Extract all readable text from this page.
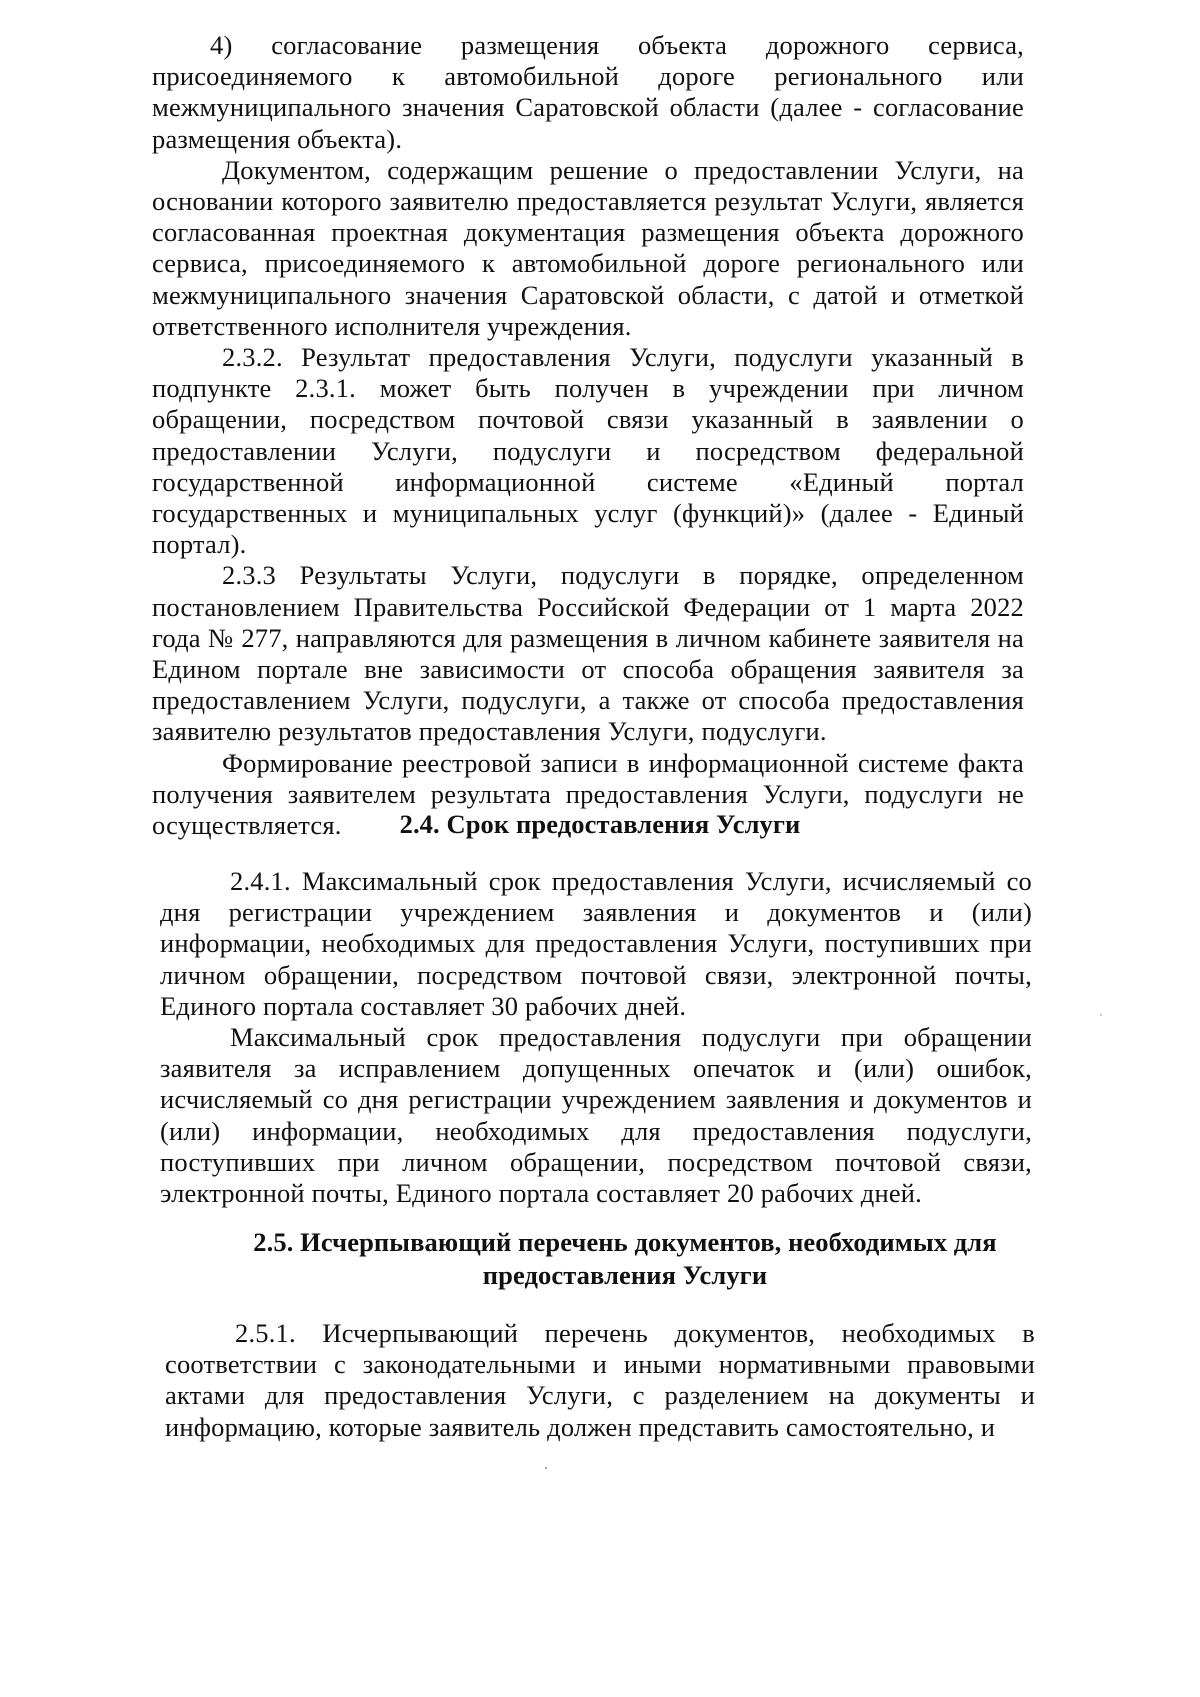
4) согласование размещения объекта дорожного сервиса, присоединяемого к автомобильной дороге регионального или межмуниципального значения Саратовской области (далее - согласование размещения объекта).

Документом, содержащим решение о предоставлении Услуги, на основании которого заявителю предоставляется результат Услуги, является согласованная проектная документация размещения объекта дорожного сервиса, присоединяемого к автомобильной дороге регионального или межмуниципального значения Саратовской области, с датой и отметкой ответственного исполнителя учреждения.

2.3.2. Результат предоставления Услуги, подуслуги указанный в подпункте 2.3.1. может быть получен в учреждении при личном обращении, посредством почтовой связи указанный в заявлении о предоставлении Услуги, подуслуги и посредством федеральной государственной информационной системе «Единый портал государственных и муниципальных услуг (функций)» (далее - Единый портал).

2.3.3 Результаты Услуги, подуслуги в порядке, определенном постановлением Правительства Российской Федерации от 1 марта 2022 года № 277, направляются для размещения в личном кабинете заявителя на Едином портале вне зависимости от способа обращения заявителя за предоставлением Услуги, подуслуги, а также от способа предоставления заявителю результатов предоставления Услуги, подуслуги.

Формирование реестровой записи в информационной системе факта получения заявителем результата предоставления Услуги, подуслуги не осуществляется.	2.4. Срок предоставления Услуги

2.4.1. Максимальный срок предоставления Услуги, исчисляемый со дня регистрации учреждением заявления и документов и (или) информации, необходимых для предоставления Услуги, поступивших при личном обращении, посредством почтовой связи, электронной почты, Единого портала составляет 30 рабочих дней.

Максимальный срок предоставления подуслуги при обращении заявителя за исправлением допущенных опечаток и (или) ошибок, исчисляемый со дня регистрации учреждением заявления и документов и (или) информации, необходимых для предоставления подуслуги, поступивших при личном обращении, посредством почтовой связи, электронной почты, Единого портала составляет 20 рабочих дней.

2.5. Исчерпывающий перечень документов, необходимых для
предоставления Услуги

2.5.1. Исчерпывающий перечень документов, необходимых в соответствии с законодательными и иными нормативными правовыми актами для предоставления Услуги, с разделением на документы и информацию, которые заявитель должен представить самостоятельно, и
